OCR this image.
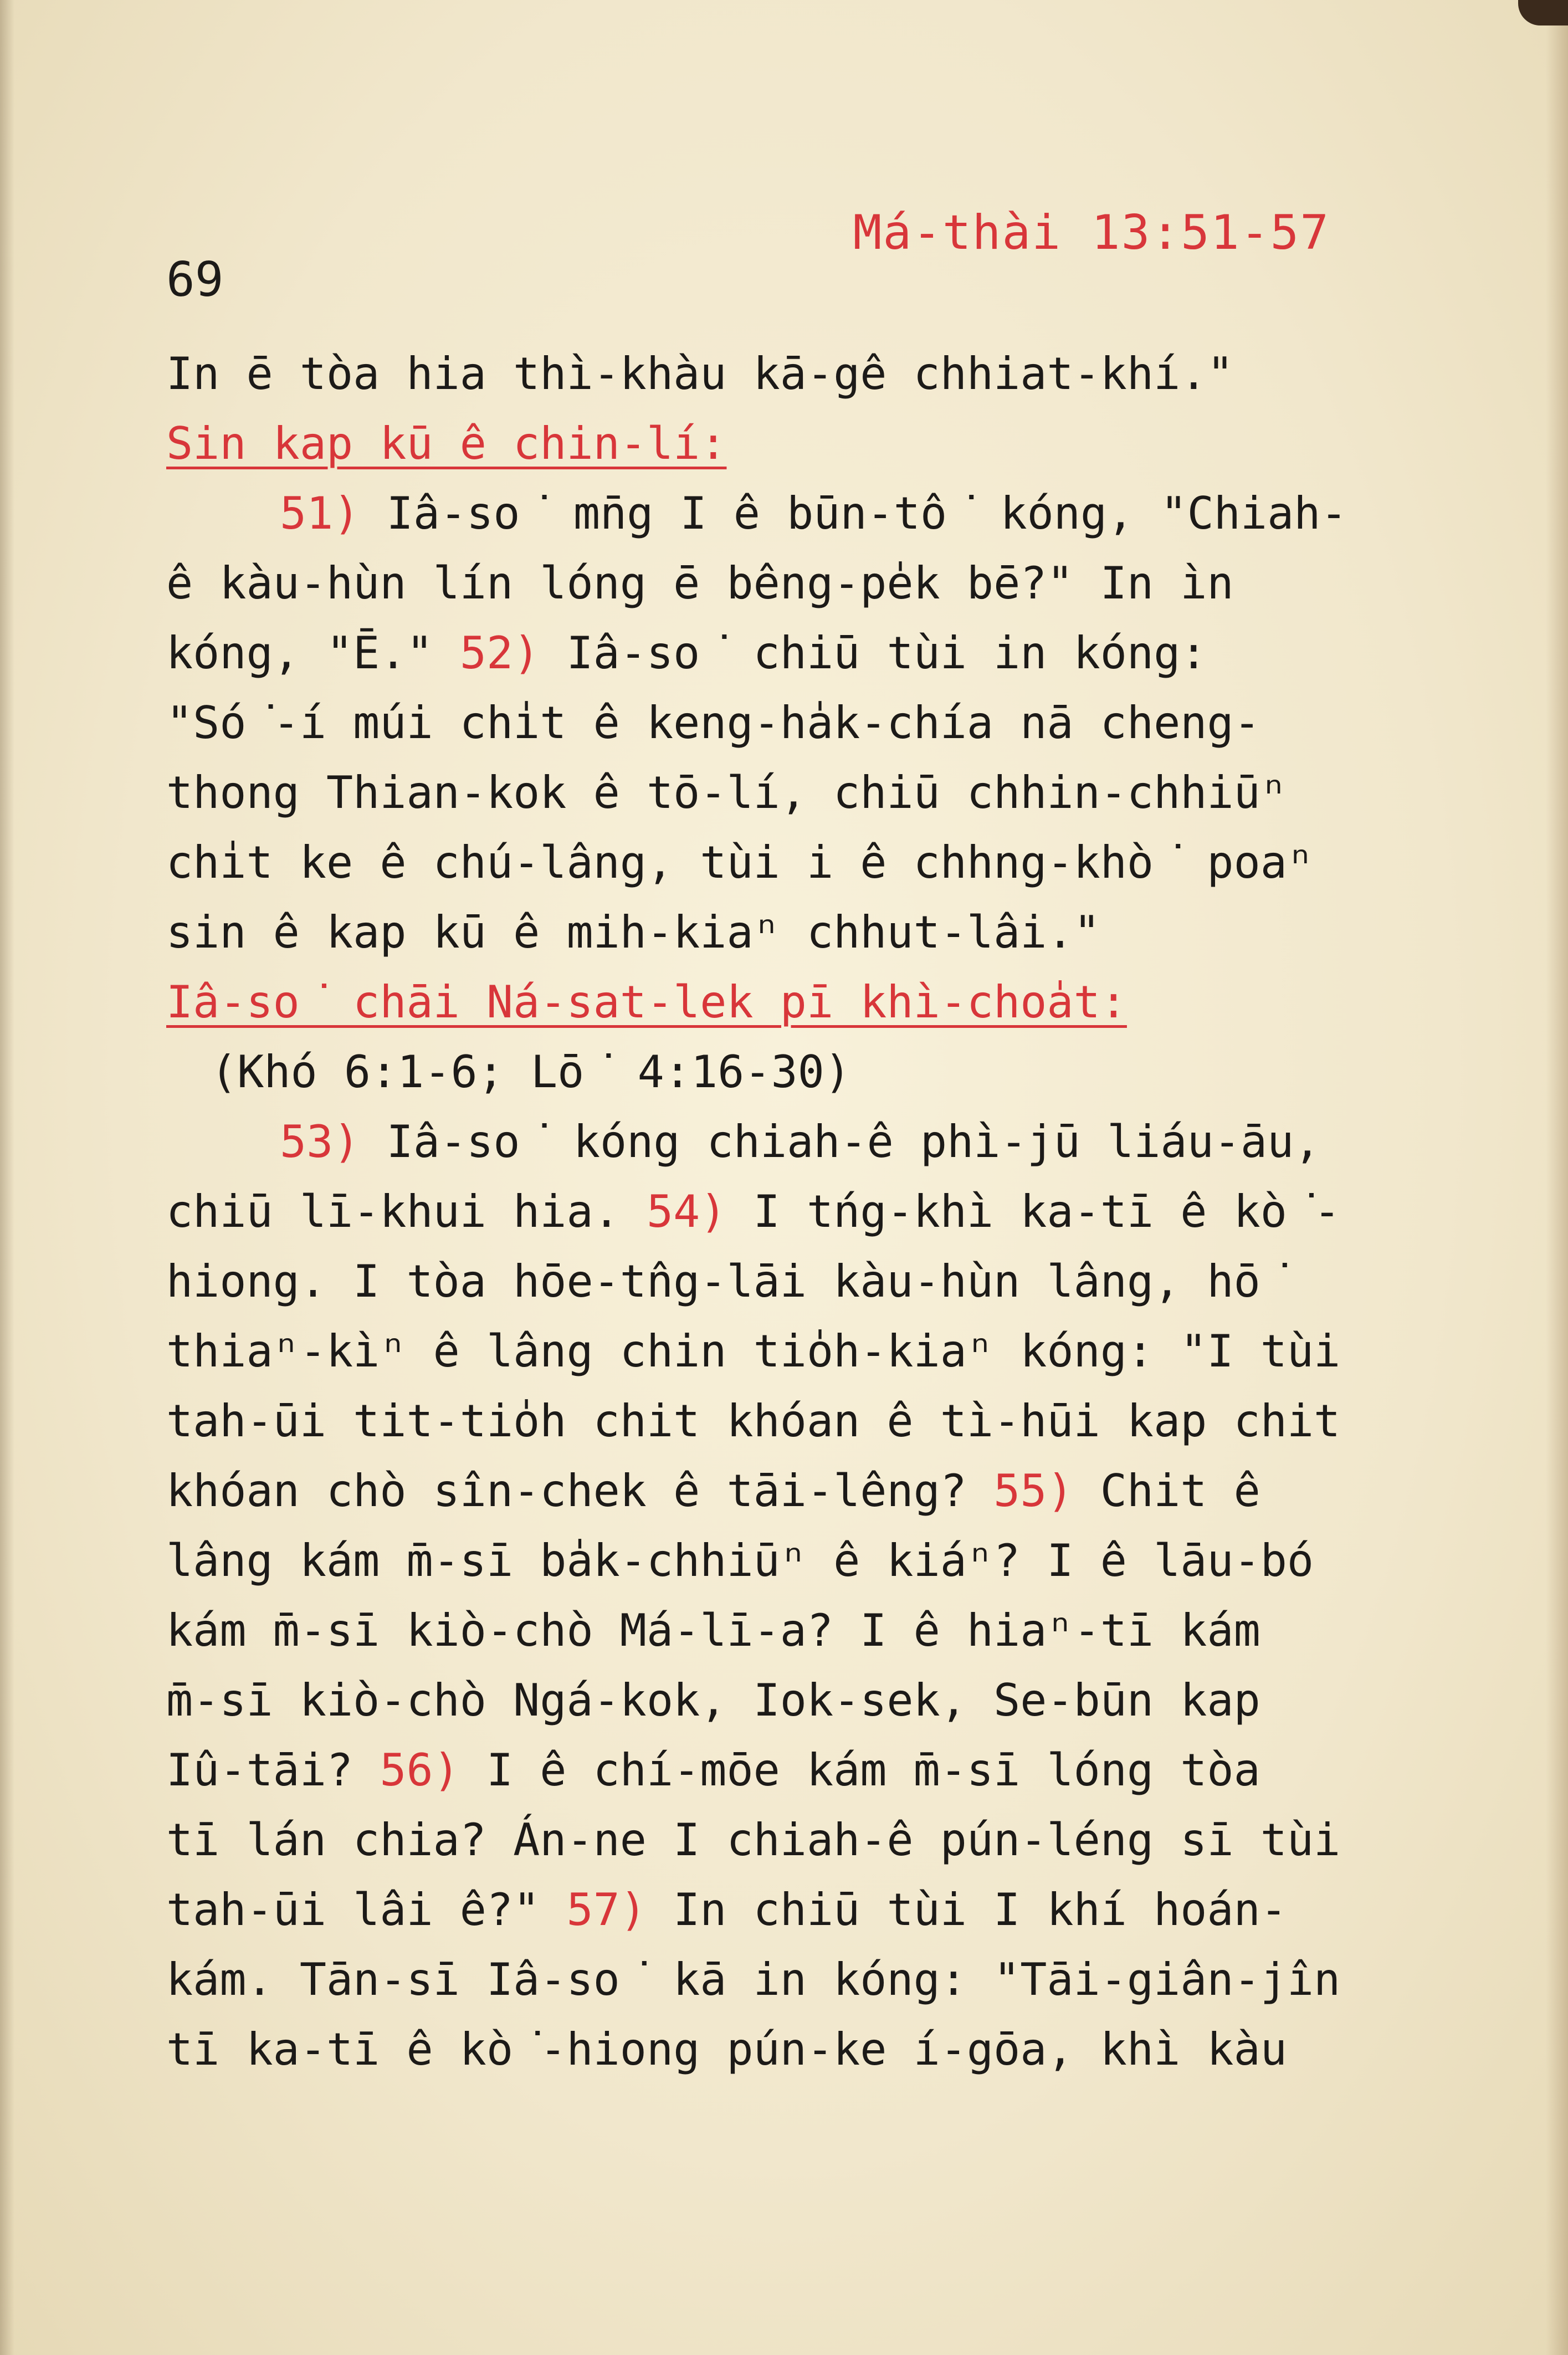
Má-thài 13:51-57
69
In ē tòa hia thì-khàu kā-gê chhiat-khí."
Sin kap kū ê chin-lí:
51) Iâ-so͘ mn̄g I ê būn-tô͘ kóng, "Chiah-
ê kàu-hùn lín lóng ē bêng-pe̍k bē?" In ìn
kóng, "Ē." 52) Iâ-so͘ chiū tùi in kóng:
"Só͘-í múi chi̍t ê keng-ha̍k-chía nā cheng-
thong Thian-kok ê tō-lí, chiū chhin-chhiūⁿ
chi̍t ke ê chú-lâng, tùi i ê chhng-khò͘ poaⁿ
sin ê kap kū ê mih-kiaⁿ chhut-lâi."
Iâ-so͘ chāi Ná-sat-lek pī khì-choa̍t:
(Khó 6:1-6; Lō͘ 4:16-30)
53) Iâ-so͘ kóng chiah-ê phì-jū liáu-āu,
chiū lī-khui hia. 54) I tńg-khì ka-tī ê kò͘-
hiong. I tòa hōe-tn̂g-lāi kàu-hùn lâng, hō͘
thiaⁿ-kìⁿ ê lâng chin tio̍h-kiaⁿ kóng: "I tùi
tah-ūi tit-tio̍h chit khóan ê tì-hūi kap chit
khóan chò sîn-chek ê tāi-lêng? 55) Chit ê
lâng kám m̄-sī ba̍k-chhiūⁿ ê kiáⁿ? I ê lāu-bó
kám m̄-sī kiò-chò Má-lī-a? I ê hiaⁿ-tī kám
m̄-sī kiò-chò Ngá-kok, Iok-sek, Se-būn kap
Iû-tāi? 56) I ê chí-mōe kám m̄-sī lóng tòa
tī lán chia? Án-ne I chiah-ê pún-léng sī tùi
tah-ūi lâi ê?" 57) In chiū tùi I khí hoán-
kám. Tān-sī Iâ-so͘ kā in kóng: "Tāi-giân-jîn
tī ka-tī ê kò͘-hiong pún-ke í-gōa, khì kàu
